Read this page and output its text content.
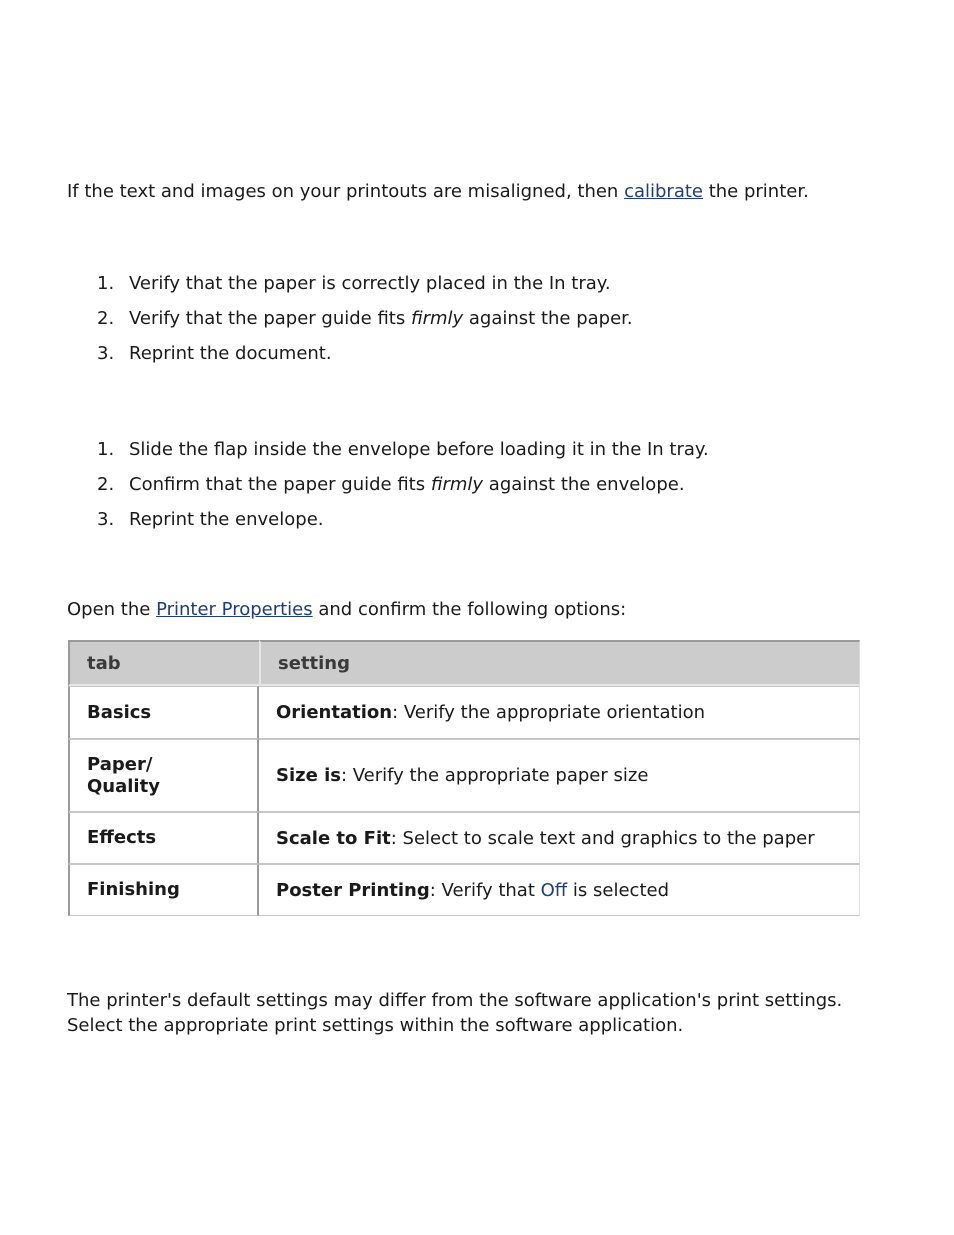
If the text and images on your printouts are misaligned, then calibrate the printer.

1. Verify that the paper is correctly placed in the In tray.
2. Verify that the paper guide fits firmly against the paper.
3. Reprint the document.
1. Slide the flap inside the envelope before loading it in the In tray.
2. Confirm that the paper guide fits firmly against the envelope.
3. Reprint the envelope.

Open the Printer Properties and confirm the following options:

The printer's default settings may differ from the software application's print settings.

Select the appropriate print settings within the software application.

tab	setting
Basics	Orientation: Verify the appropriate orientation
Paper/
Quality	Size is: Verify the appropriate paper size
Effects	Scale to Fit: Select to scale text and graphics to the paper
Finishing	Poster Printing: Verify that Off is selected
